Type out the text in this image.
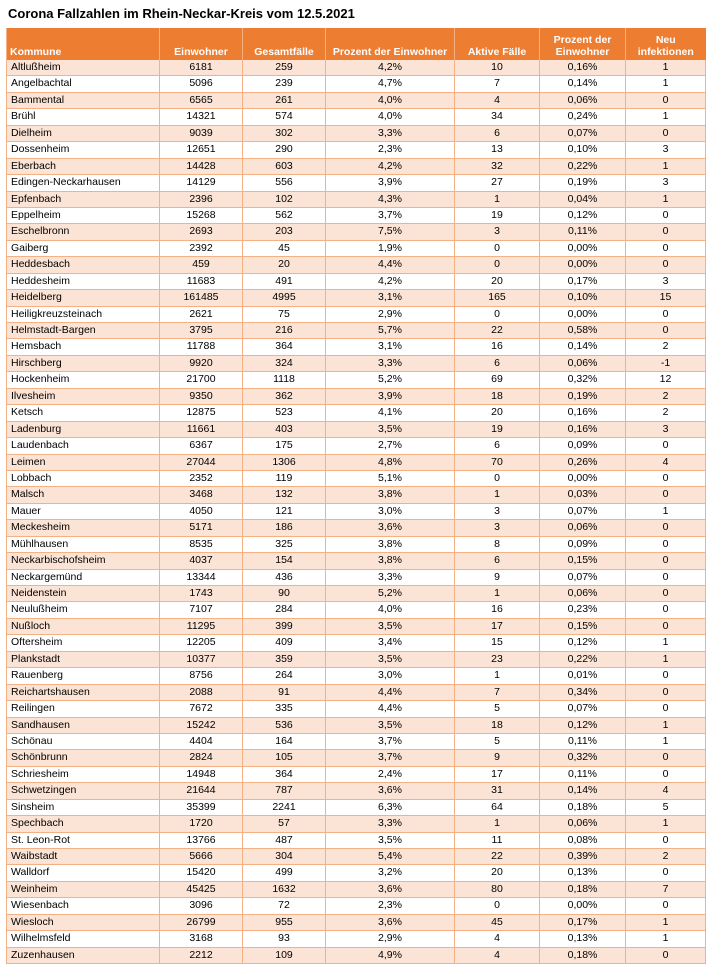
Corona Fallzahlen im Rhein-Neckar-Kreis vom 12.5.2021
Kommune	Einwohner	Gesamtfälle	Prozent der Einwohner	Aktive Fälle	Prozent der Einwohner	Neu infektionen
Altlußheim	6181	259	4,2%	10	0,16%	1
Angelbachtal	5096	239	4,7%	7	0,14%	1
Bammental	6565	261	4,0%	4	0,06%	0
Brühl	14321	574	4,0%	34	0,24%	1
Dielheim	9039	302	3,3%	6	0,07%	0
Dossenheim	12651	290	2,3%	13	0,10%	3
Eberbach	14428	603	4,2%	32	0,22%	1
Edingen-Neckarhausen	14129	556	3,9%	27	0,19%	3
Epfenbach	2396	102	4,3%	1	0,04%	1
Eppelheim	15268	562	3,7%	19	0,12%	0
Eschelbronn	2693	203	7,5%	3	0,11%	0
Gaiberg	2392	45	1,9%	0	0,00%	0
Heddesbach	459	20	4,4%	0	0,00%	0
Heddesheim	11683	491	4,2%	20	0,17%	3
Heidelberg	161485	4995	3,1%	165	0,10%	15
Heiligkreuzsteinach	2621	75	2,9%	0	0,00%	0
Helmstadt-Bargen	3795	216	5,7%	22	0,58%	0
Hemsbach	11788	364	3,1%	16	0,14%	2
Hirschberg	9920	324	3,3%	6	0,06%	-1
Hockenheim	21700	1118	5,2%	69	0,32%	12
Ilvesheim	9350	362	3,9%	18	0,19%	2
Ketsch	12875	523	4,1%	20	0,16%	2
Ladenburg	11661	403	3,5%	19	0,16%	3
Laudenbach	6367	175	2,7%	6	0,09%	0
Leimen	27044	1306	4,8%	70	0,26%	4
Lobbach	2352	119	5,1%	0	0,00%	0
Malsch	3468	132	3,8%	1	0,03%	0
Mauer	4050	121	3,0%	3	0,07%	1
Meckesheim	5171	186	3,6%	3	0,06%	0
Mühlhausen	8535	325	3,8%	8	0,09%	0
Neckarbischofsheim	4037	154	3,8%	6	0,15%	0
Neckargemünd	13344	436	3,3%	9	0,07%	0
Neidenstein	1743	90	5,2%	1	0,06%	0
Neulußheim	7107	284	4,0%	16	0,23%	0
Nußloch	11295	399	3,5%	17	0,15%	0
Oftersheim	12205	409	3,4%	15	0,12%	1
Plankstadt	10377	359	3,5%	23	0,22%	1
Rauenberg	8756	264	3,0%	1	0,01%	0
Reichartshausen	2088	91	4,4%	7	0,34%	0
Reilingen	7672	335	4,4%	5	0,07%	0
Sandhausen	15242	536	3,5%	18	0,12%	1
Schönau	4404	164	3,7%	5	0,11%	1
Schönbrunn	2824	105	3,7%	9	0,32%	0
Schriesheim	14948	364	2,4%	17	0,11%	0
Schwetzingen	21644	787	3,6%	31	0,14%	4
Sinsheim	35399	2241	6,3%	64	0,18%	5
Spechbach	1720	57	3,3%	1	0,06%	1
St. Leon-Rot	13766	487	3,5%	11	0,08%	0
Waibstadt	5666	304	5,4%	22	0,39%	2
Walldorf	15420	499	3,2%	20	0,13%	0
Weinheim	45425	1632	3,6%	80	0,18%	7
Wiesenbach	3096	72	2,3%	0	0,00%	0
Wiesloch	26799	955	3,6%	45	0,17%	1
Wilhelmsfeld	3168	93	2,9%	4	0,13%	1
Zuzenhausen	2212	109	4,9%	4	0,18%	0
